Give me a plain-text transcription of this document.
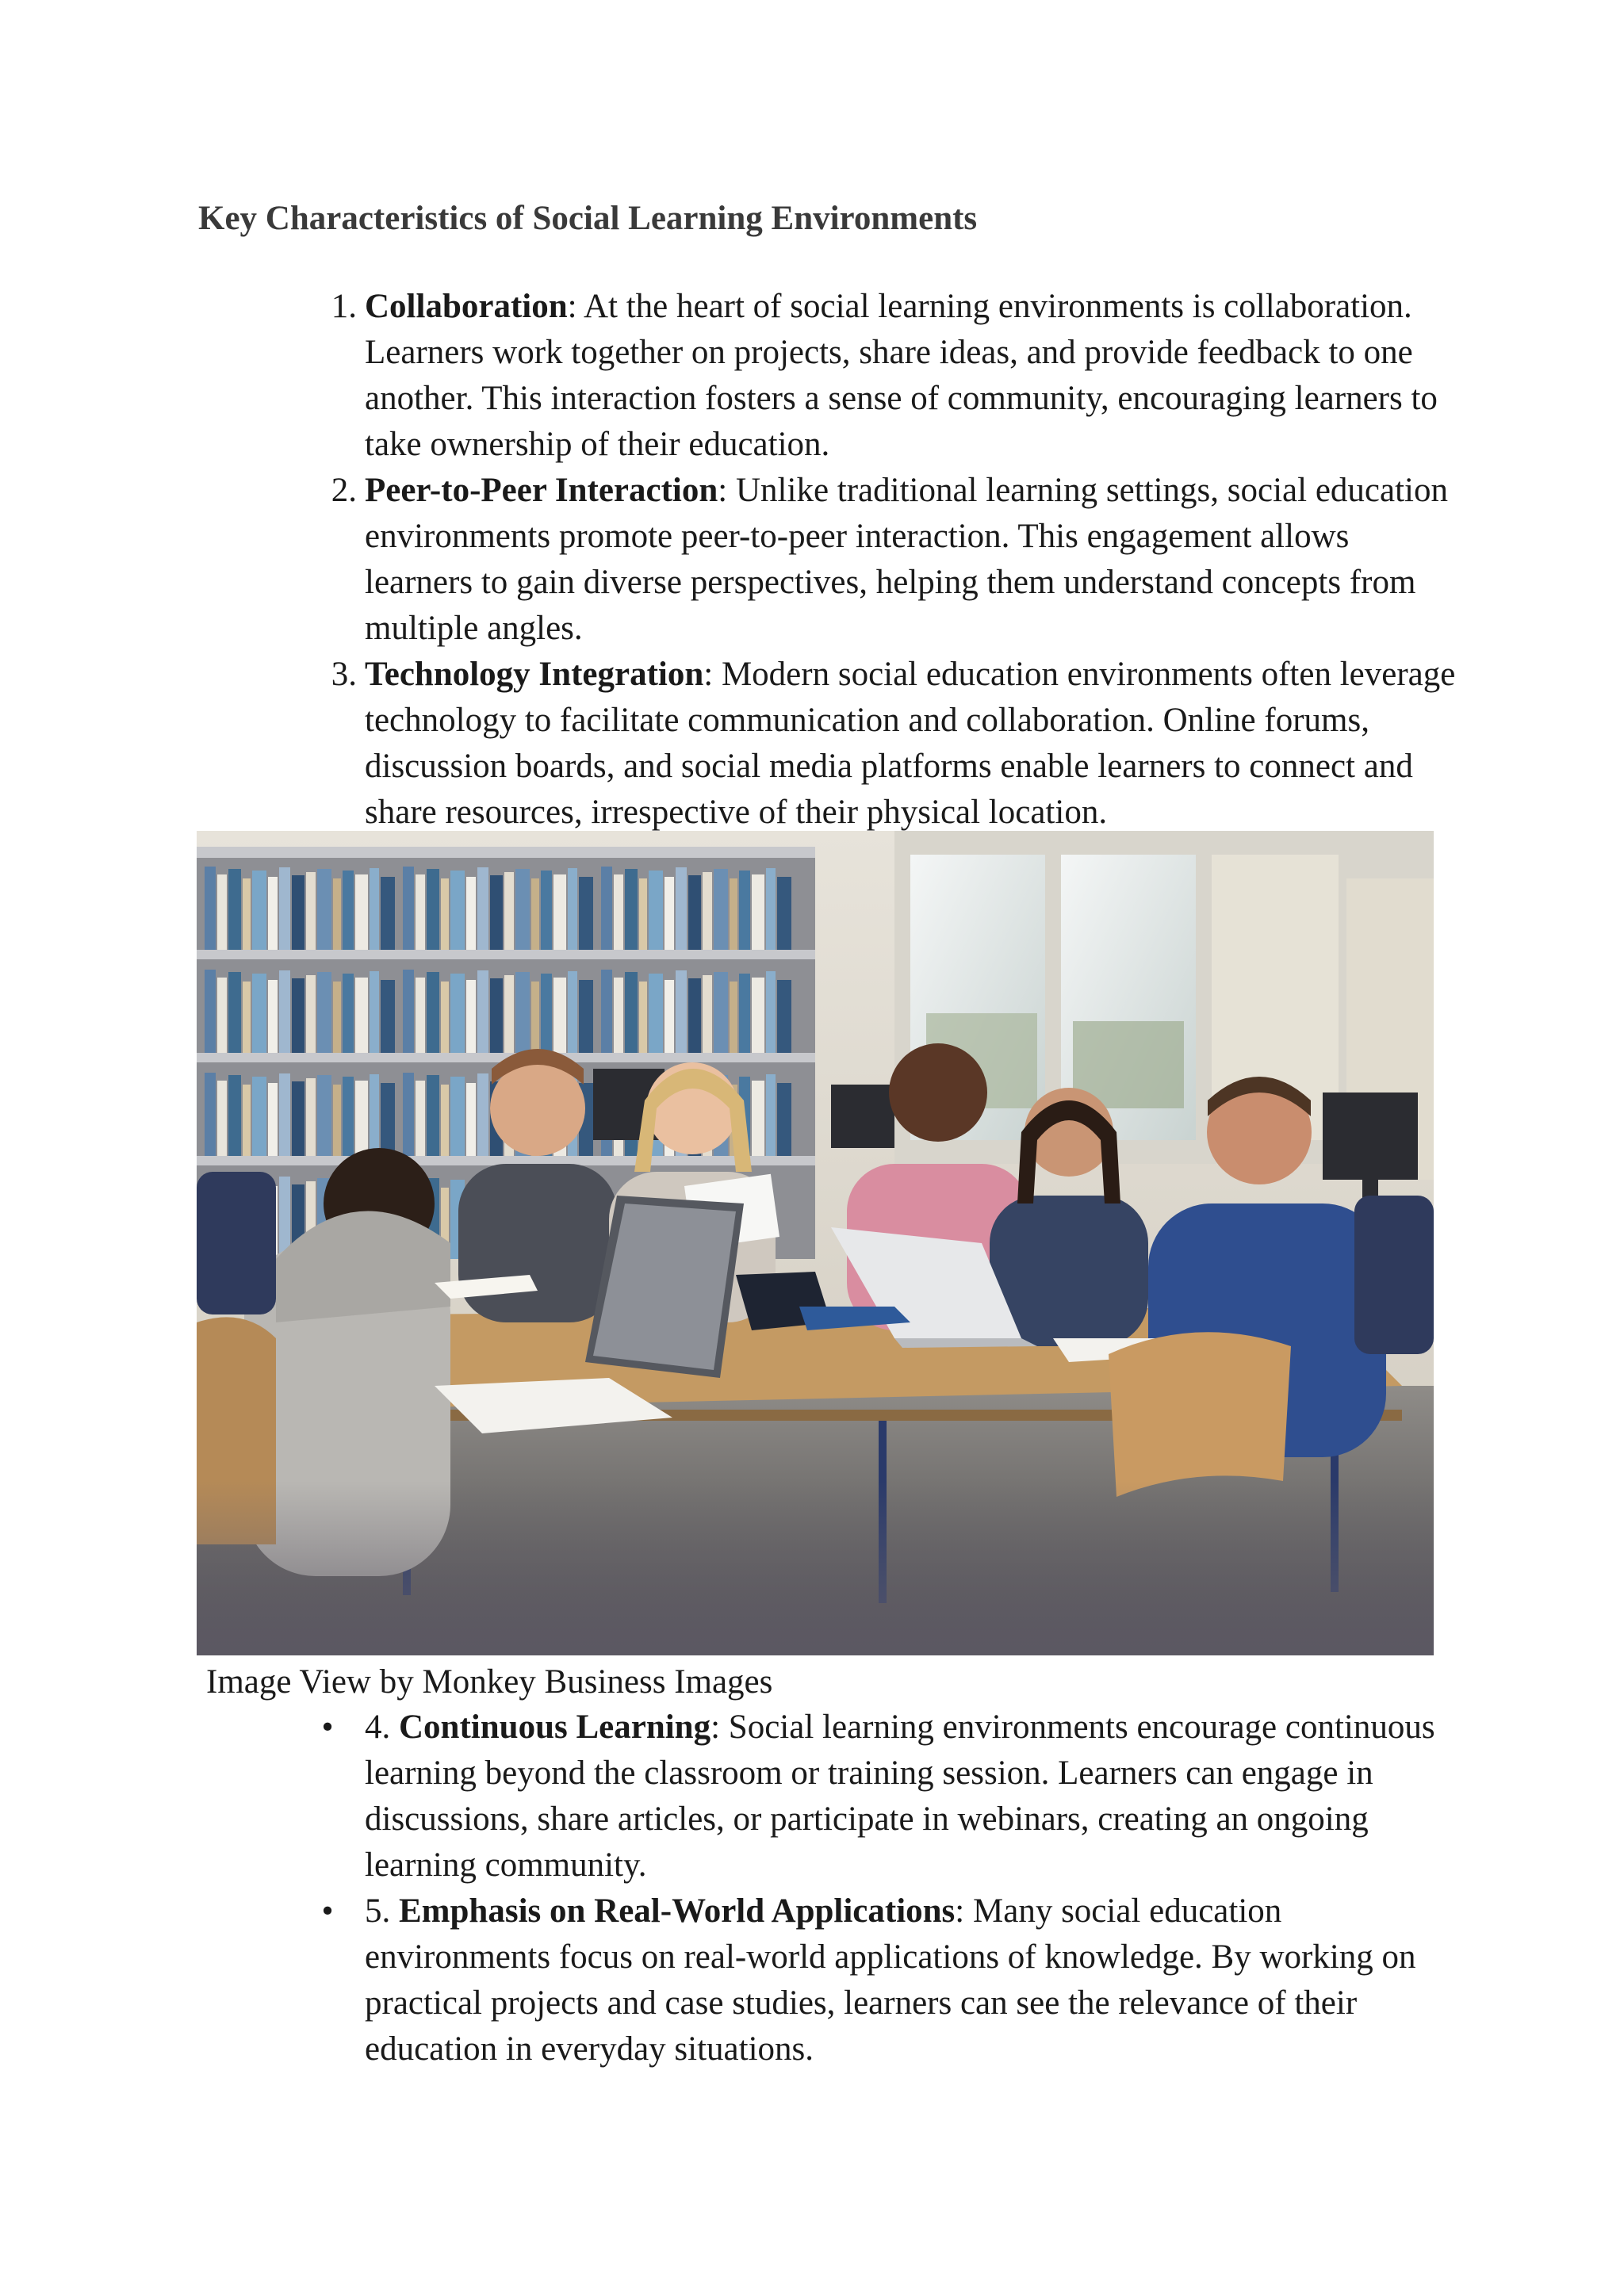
Key Characteristics of Social Learning Environments
1. Collaboration: At the heart of social learning environments is collaboration. Learners work together on projects, share ideas, and provide feedback to one another. This interaction fosters a sense of community, encouraging learners to take ownership of their education.
2. Peer-to-Peer Interaction: Unlike traditional learning settings, social education environments promote peer-to-peer interaction. This engagement allows learners to gain diverse perspectives, helping them understand concepts from multiple angles.
3. Technology Integration: Modern social education environments often leverage technology to facilitate communication and collaboration. Online forums, discussion boards, and social media platforms enable learners to connect and share resources, irrespective of their physical location.
Image View by Monkey Business Images
• 4. Continuous Learning: Social learning environments encourage continuous learning beyond the classroom or training session. Learners can engage in discussions, share articles, or participate in webinars, creating an ongoing learning community.
• 5. Emphasis on Real-World Applications: Many social education environments focus on real-world applications of knowledge. By working on practical projects and case studies, learners can see the relevance of their education in everyday situations.
